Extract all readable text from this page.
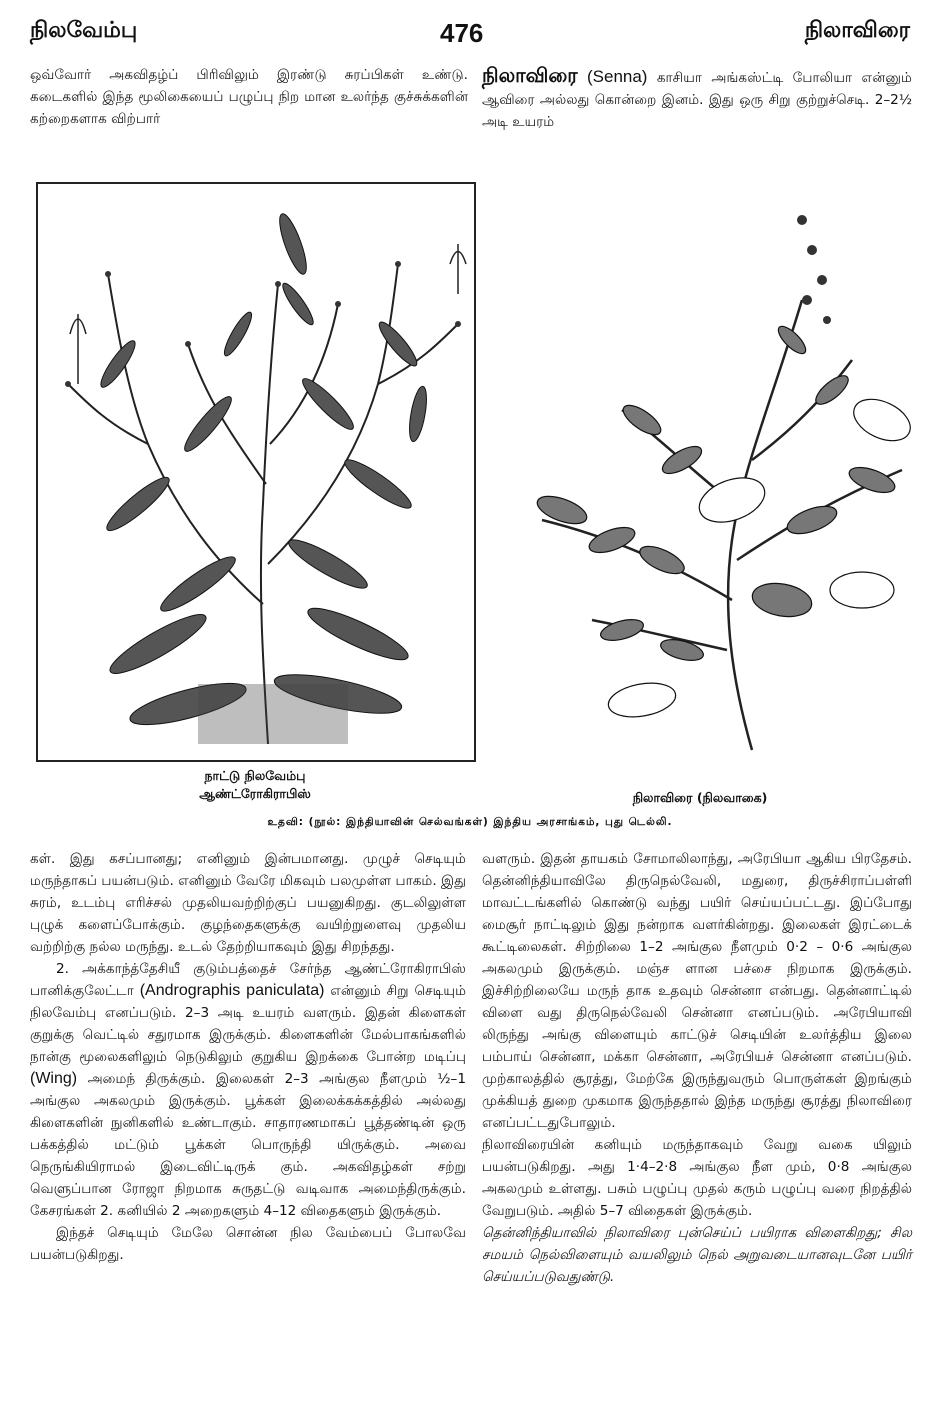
நிலவேம்பு	476	நிலாவிரை

ஒவ்வோர் அகவிதழ்ப் பிரிவிலும் இரண்டு சுரப்பிகள் உண்டு. கடைகளில் இந்த மூலிகையைப் பழுப்பு நிற மான உலர்ந்த குச்சுக்களின் கற்றைகளாக விற்பார்

நிலாவிரை (Senna) காசியா அங்கஸ்ட்டி போலியா என்னும் ஆவிரை அல்லது கொன்றை இனம். இது ஒரு சிறு குற்றுச்செடி. 2–2½ அடி உயரம்

நாட்டு நிலவேம்பு
ஆண்ட்ரோகிராபிஸ்	நிலாவிரை (நிலவாகை)
உதவி: (நூல்: இந்தியாவின் செல்வங்கள்) இந்திய அரசாங்கம், புது டெல்லி.

கள். இது கசப்பானது; எனினும் இன்பமானது. முழுச் செடியும் மருந்தாகப் பயன்படும். எனினும் வேரே மிகவும் பலமுள்ள பாகம். இது சுரம், உடம்பு எரிச்சல் முதலியவற்றிற்குப் பயனுகிறது. குடலிலுள்ள புழுக் களைப்போக்கும். குழந்தைகளுக்கு வயிற்றுளைவு முதலிய வற்றிற்கு நல்ல மருந்து. உடல் தேற்றியாகவும் இது சிறந்தது.

2. அக்காந்த்தேசியீ குடும்பத்தைச் சேர்ந்த ஆண்ட்ரோகிராபிஸ் பானிக்குலேட்டா (Andrographis paniculata) என்னும் சிறு செடியும் நிலவேம்பு எனப்படும். 2–3 அடி உயரம் வளரும். இதன் கிளைகள் குறுக்கு வெட்டில் சதுரமாக இருக்கும். கிளைகளின் மேல்பாகங்களில் நான்கு மூலைகளிலும் நெடுகிலும் குறுகிய இறக்கை போன்ற மடிப்பு (Wing) அமைந் திருக்கும். இலைகள் 2–3 அங்குல நீளமும் ½–1 அங்குல அகலமும் இருக்கும். பூக்கள் இலைக்கக்கத்தில் அல்லது கிளைகளின் நுனிகளில் உண்டாகும். சாதாரணமாகப் பூத்தண்டின் ஒரு பக்கத்தில் மட்டும் பூக்கள் பொருந்தி யிருக்கும். அவை நெருங்கியிராமல் இடைவிட்டிருக் கும். அகவிதழ்கள் சற்று வெளுப்பான ரோஜா நிறமாக சுருதட்டு வடிவாக அமைந்திருக்கும். கேசரங்கள் 2. கனியில் 2 அறைகளும் 4–12 விதைகளும் இருக்கும்.

இந்தச் செடியும் மேலே சொன்ன நில வேம்பைப் போலவே பயன்படுகிறது.

வளரும். இதன் தாயகம் சோமாலிலாந்து, அரேபியா ஆகிய பிரதேசம். தென்னிந்தியாவிலே திருநெல்வேலி, மதுரை, திருச்சிராப்பள்ளி மாவட்டங்களில் கொண்டு வந்து பயிர் செய்யப்பட்டது. இப்போது மைசூர் நாட்டிலும் இது நன்றாக வளர்கின்றது. இலைகள் இரட்டைக் கூட்டிலைகள். சிற்றிலை 1–2 அங்குல நீளமும் 0·2 – 0·6 அங்குல அகலமும் இருக்கும். மஞ்ச ளான பச்சை நிறமாக இருக்கும். இச்சிற்றிலையே மருந் தாக உதவும் சென்னா என்பது. தென்னாட்டில் விளை வது திருநெல்வேலி சென்னா எனப்படும். அரேபியாவி லிருந்து அங்கு விளையும் காட்டுச் செடியின் உலர்த்திய இலை பம்பாய் சென்னா, மக்கா சென்னா, அரேபியச் சென்னா எனப்படும். முற்காலத்தில் சூரத்து, மேற்கே இருந்துவரும் பொருள்கள் இறங்கும் முக்கியத் துறை முகமாக இருந்ததால் இந்த மருந்து சூரத்து நிலாவிரை எனப்பட்டதுபோலும்.

நிலாவிரையின் கனியும் மருந்தாகவும் வேறு வகை யிலும் பயன்படுகிறது. அது 1·4–2·8 அங்குல நீள மும், 0·8 அங்குல அகலமும் உள்ளது. பசும் பழுப்பு முதல் கரும் பழுப்பு வரை நிறத்தில் வேறுபடும். அதில் 5–7 விதைகள் இருக்கும்.

தென்னிந்தியாவில் நிலாவிரை புன்செய்ப் பயிராக விளைகிறது; சில சமயம் நெல்விளையும் வயலிலும் நெல் அறுவடையானவுடனே பயிர் செய்யப்படுவதுண்டு.
